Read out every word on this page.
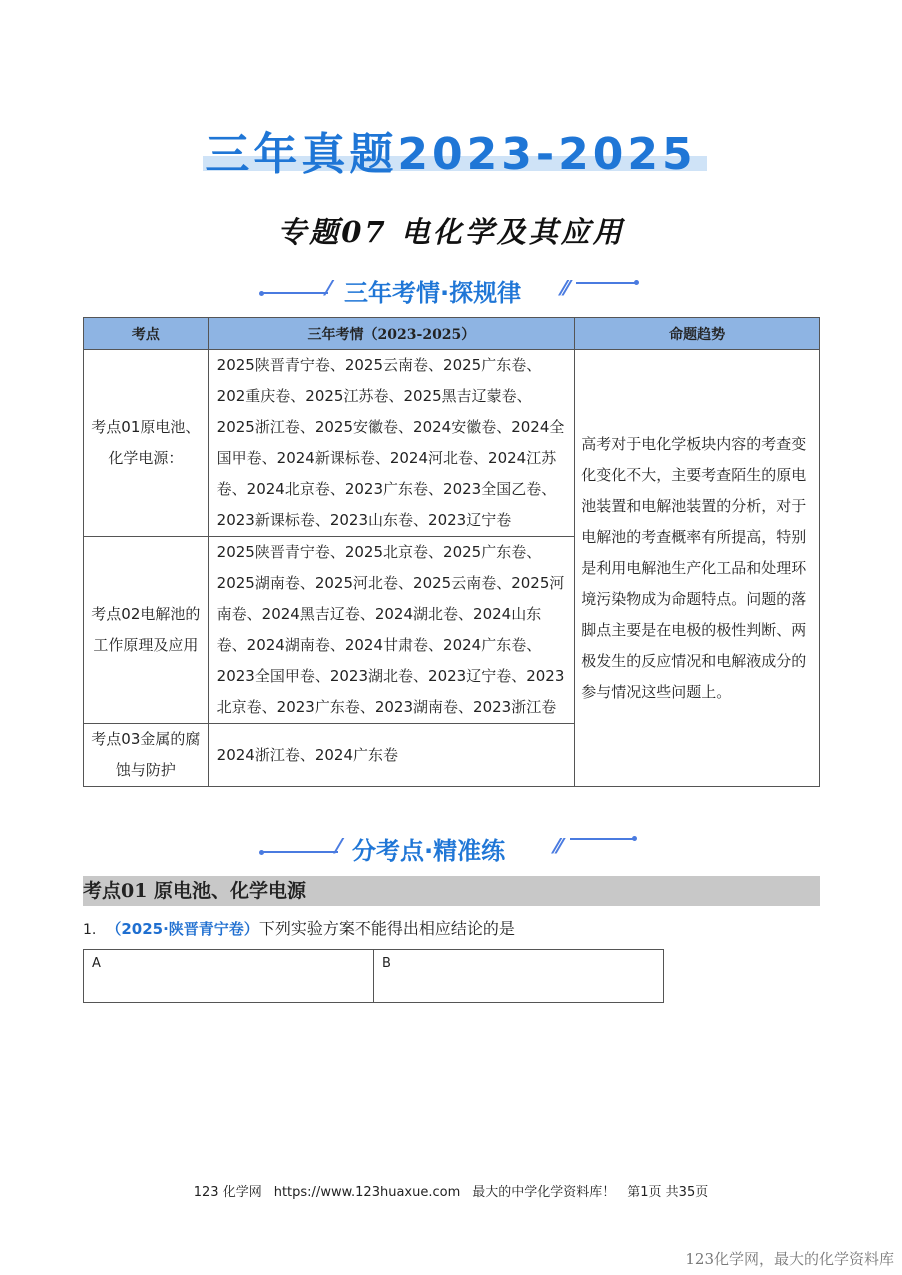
三年真题2023-2025
专题07 电化学及其应用
⁄ 三年考情·探规律 ⁄⁄
考点	三年考情（2023-2025）	命题趋势
考点01原电池、化学电源：	2025陕晋青宁卷、2025云南卷、2025广东卷、202重庆卷、2025江苏卷、2025黑吉辽蒙卷、2025浙江卷、2025安徽卷、2024安徽卷、2024全国甲卷、2024新课标卷、2024河北卷、2024江苏卷、2024北京卷、2023广东卷、2023全国乙卷、2023新课标卷、2023山东卷、2023辽宁卷	高考对于电化学板块内容的考查变化变化不大，主要考查陌生的原电池装置和电解池装置的分析，对于电解池的考查概率有所提高，特别是利用电解池生产化工品和处理环境污染物成为命题特点。问题的落脚点主要是在电极的极性判断、两极发生的反应情况和电解液成分的参与情况这些问题上。
考点02电解池的工作原理及应用	2025陕晋青宁卷、2025北京卷、2025广东卷、2025湖南卷、2025河北卷、2025云南卷、2025河南卷、2024黑吉辽卷、2024湖北卷、2024山东卷、2024湖南卷、2024甘肃卷、2024广东卷、2023全国甲卷、2023湖北卷、2023辽宁卷、2023北京卷、2023广东卷、2023湖南卷、2023浙江卷	
考点03金属的腐蚀与防护	2024浙江卷、2024广东卷	
⁄ 分考点·精准练 ⁄⁄
考点01 原电池、化学电源
1. （2025·陕晋青宁卷）下列实验方案不能得出相应结论的是
A	B
123 化学网 https://www.123huaxue.com 最大的中学化学资料库！ 第1页 共35页
123化学网，最大的化学资料库
